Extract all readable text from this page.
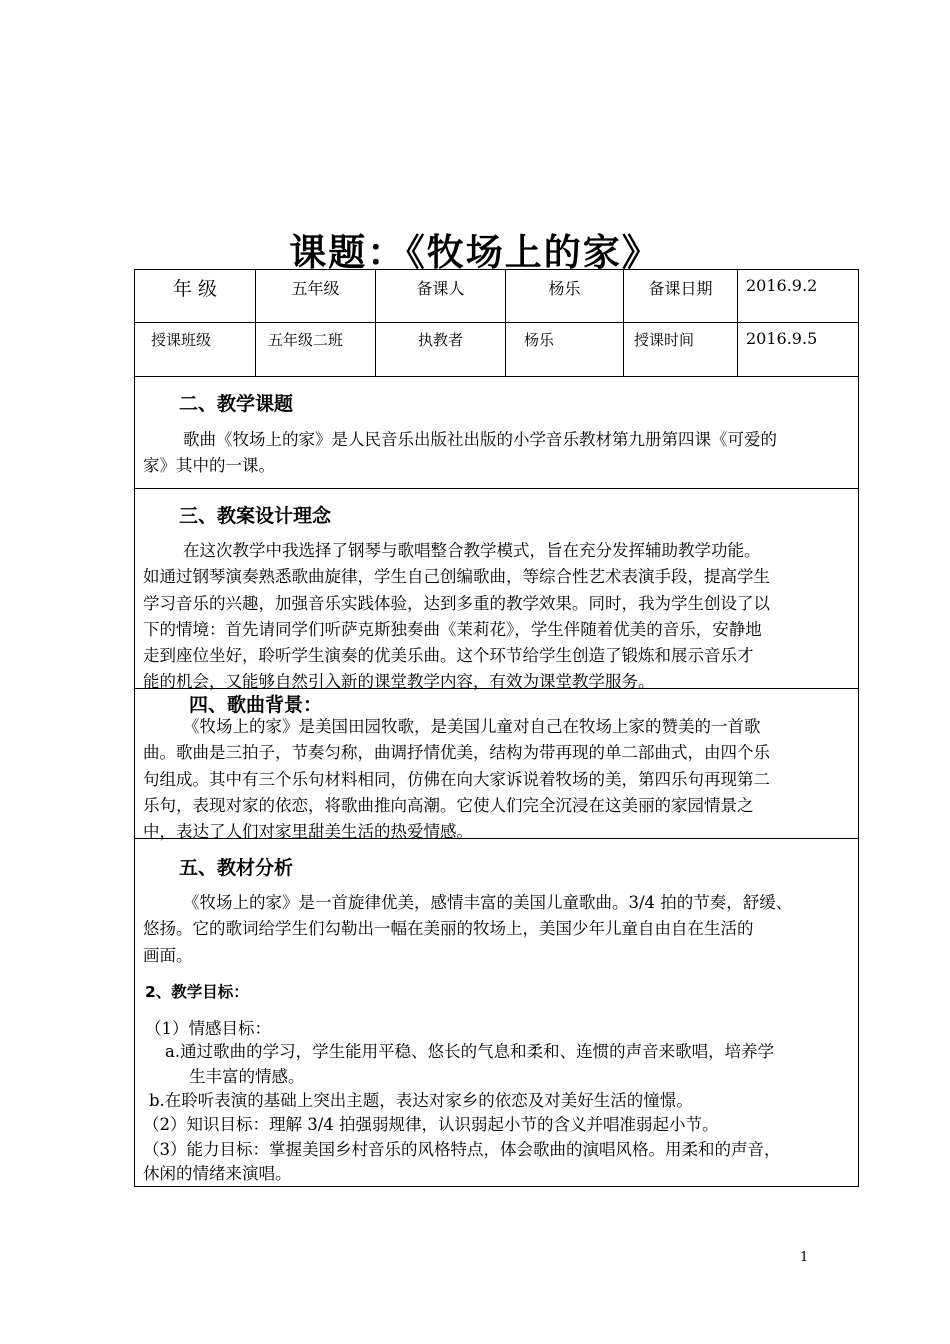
课题：《牧场上的家》
年 级	五年级	备课人	杨乐	备课日期	2016.9.2
授课班级	五年级二班	执教者	杨乐	授课时间	2016.9.5
二、教学课题
歌曲《牧场上的家》是人民音乐出版社出版的小学音乐教材第九册第四课《可爱的
家》其中的一课。
三、教案设计理念
在这次教学中我选择了钢琴与歌唱整合教学模式，旨在充分发挥辅助教学功能。
如通过钢琴演奏熟悉歌曲旋律，学生自己创编歌曲，等综合性艺术表演手段，提高学生
学习音乐的兴趣，加强音乐实践体验，达到多重的教学效果。同时，我为学生创设了以
下的情境：首先请同学们听萨克斯独奏曲《茉莉花》，学生伴随着优美的音乐，安静地
走到座位坐好，聆听学生演奏的优美乐曲。这个环节给学生创造了锻炼和展示音乐才
能的机会，又能够自然引入新的课堂教学内容，有效为课堂教学服务。
四、歌曲背景：
《牧场上的家》是美国田园牧歌，是美国儿童对自己在牧场上家的赞美的一首歌
曲。歌曲是三拍子，节奏匀称，曲调抒情优美，结构为带再现的单二部曲式，由四个乐
句组成。其中有三个乐句材料相同，仿佛在向大家诉说着牧场的美，第四乐句再现第二
乐句，表现对家的依恋，将歌曲推向高潮。它使人们完全沉浸在这美丽的家园情景之
中，表达了人们对家里甜美生活的热爱情感。
五、教材分析
《牧场上的家》是一首旋律优美，感情丰富的美国儿童歌曲。3/4 拍的节奏，舒缓、
悠扬。它的歌词给学生们勾勒出一幅在美丽的牧场上，美国少年儿童自由自在生活的
画面。
2、教学目标：
（1）情感目标：
a.通过歌曲的学习，学生能用平稳、悠长的气息和柔和、连惯的声音来歌唱，培养学
生丰富的情感。
b.在聆听表演的基础上突出主题，表达对家乡的依恋及对美好生活的憧憬。
（2）知识目标：理解 3/4 拍强弱规律，认识弱起小节的含义并唱准弱起小节。
（3）能力目标：掌握美国乡村音乐的风格特点，体会歌曲的演唱风格。用柔和的声音，
休闲的情绪来演唱。
1
